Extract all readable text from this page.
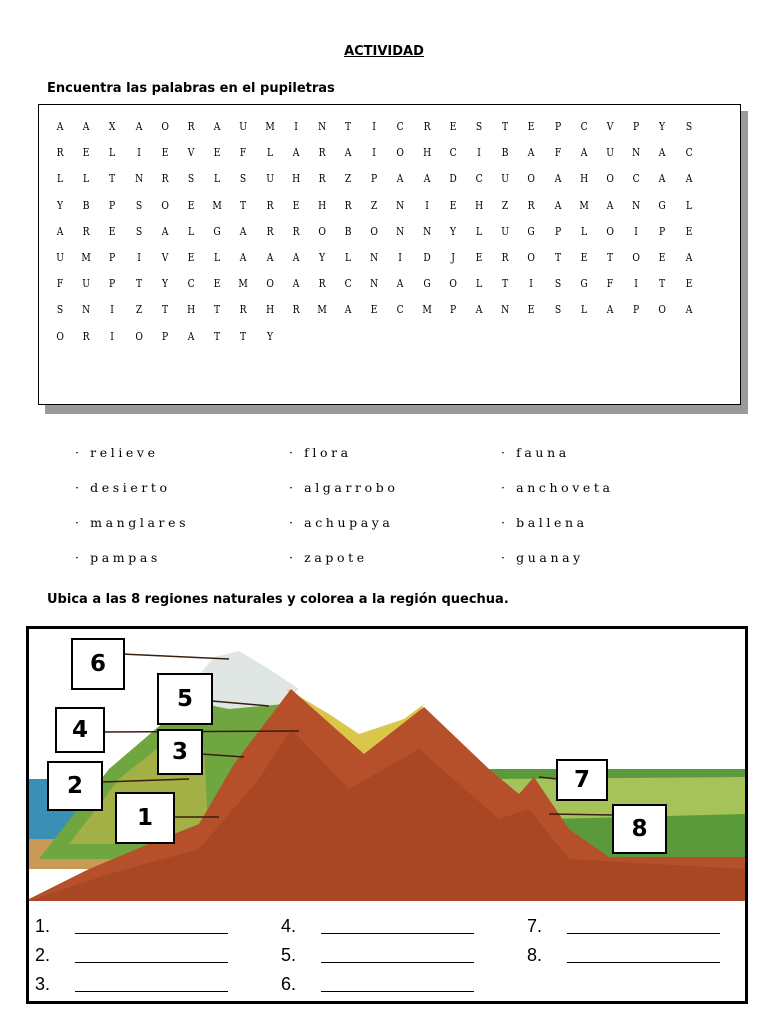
ACTIVIDAD
Encuentra las palabras en el pupiletras
A	A	X	A	O	R	A	U	M	I	N	T	I	C	R	E	S	T	E	P	C	V	P	Y	S
R	E	L	I	E	V	E	F	L	A	R	A	I	O	H	C	I	B	A	F	A	U	N	A	C
L	L	T	N	R	S	L	S	U	H	R	Z	P	A	A	D	C	U	O	A	H	O	C	A	A
Y	B	P	S	O	E	M	T	R	E	H	R	Z	N	I	E	H	Z	R	A	M	A	N	G	L
A	R	E	S	A	L	G	A	R	R	O	B	O	N	N	Y	L	U	G	P	L	O	I	P	E
U	M	P	I	V	E	L	A	A	A	Y	L	N	I	D	J	E	R	O	T	E	T	O	E	A
F	U	P	T	Y	C	E	M	O	A	R	C	N	A	G	O	L	T	I	S	G	F	I	T	E
S	N	I	Z	T	H	T	R	H	R	M	A	E	C	M	P	A	N	E	S	L	A	P	O	A
O	R	I	O	P	A	T	T	Y
· relieve	· flora	· fauna
· desierto	· algarrobo	· anchoveta
· manglares	· achupaya	· ballena
· pampas	· zapote	· guanay
Ubica a las 8 regiones naturales y colorea a la región quechua.
6
5
4
3
2
1
7
8
1.	4.	7.
2.	5.	8.
3.	6.
